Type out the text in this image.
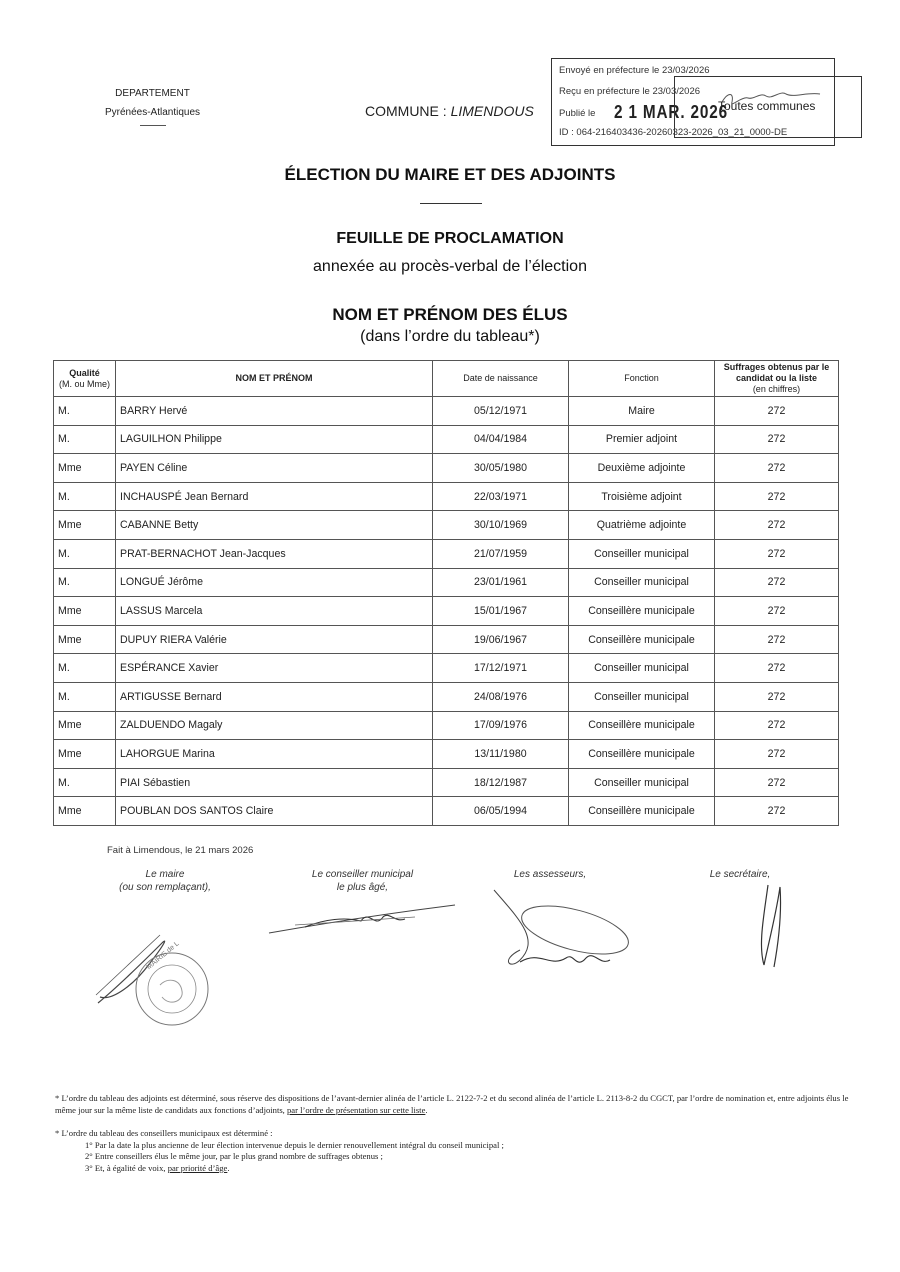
DEPARTEMENT
Pyrénées-Atlantiques	COMMUNE : LIMENDOUS
Envoyé en préfecture le 23/03/2026
Reçu en préfecture le 23/03/2026
Publié le 2 1 MAR. 2026
Toutes communes
ID : 064-216403436-20260323-2026_03_21_0000-DE
ÉLECTION DU MAIRE ET DES ADJOINTS
FEUILLE DE PROCLAMATION
annexée au procès-verbal de l’élection
NOM ET PRÉNOM DES ÉLUS
(dans l’ordre du tableau*)
Qualité
(M. ou Mme)	NOM ET PRÉNOM	Date de naissance	Fonction	Suffrages obtenus par le candidat ou la liste
(en chiffres)
M.	BARRY Hervé	05/12/1971	Maire	272
M.	LAGUILHON Philippe	04/04/1984	Premier adjoint	272
Mme	PAYEN Céline	30/05/1980	Deuxième adjointe	272
M.	INCHAUSPÉ Jean Bernard	22/03/1971	Troisième adjoint	272
Mme	CABANNE Betty	30/10/1969	Quatrième adjointe	272
M.	PRAT-BERNACHOT Jean-Jacques	21/07/1959	Conseiller municipal	272
M.	LONGUÉ Jérôme	23/01/1961	Conseiller municipal	272
Mme	LASSUS Marcela	15/01/1967	Conseillère municipale	272
Mme	DUPUY RIERA Valérie	19/06/1967	Conseillère municipale	272
M.	ESPÉRANCE Xavier	17/12/1971	Conseiller municipal	272
M.	ARTIGUSSE Bernard	24/08/1976	Conseiller municipal	272
Mme	ZALDUENDO Magaly	17/09/1976	Conseillère municipale	272
Mme	LAHORGUE Marina	13/11/1980	Conseillère municipale	272
M.	PIAI Sébastien	18/12/1987	Conseiller municipal	272
Mme	POUBLAN DOS SANTOS Claire	06/05/1994	Conseillère municipale	272
Fait à Limendous, le 21 mars 2026
Le maire
(ou son remplaçant),
Le conseiller municipal
le plus âgé,
Les assesseurs,	Le secrétaire,
MAIRIE de L

* L’ordre du tableau des adjoints est déterminé, sous réserve des dispositions de l’avant-dernier alinéa de l’article L. 2122-7-2 et du second alinéa de l’article L. 2113-8-2 du CGCT, par l’ordre de nomination et, entre adjoints élus le même jour sur la même liste de candidats aux fonctions d’adjoints, par l’ordre de présentation sur cette liste.

* L’ordre du tableau des conseillers municipaux est déterminé :

1° Par la date la plus ancienne de leur élection intervenue depuis le dernier renouvellement intégral du conseil municipal ;

2° Entre conseillers élus le même jour, par le plus grand nombre de suffrages obtenus ;

3° Et, à égalité de voix, par priorité d’âge.
